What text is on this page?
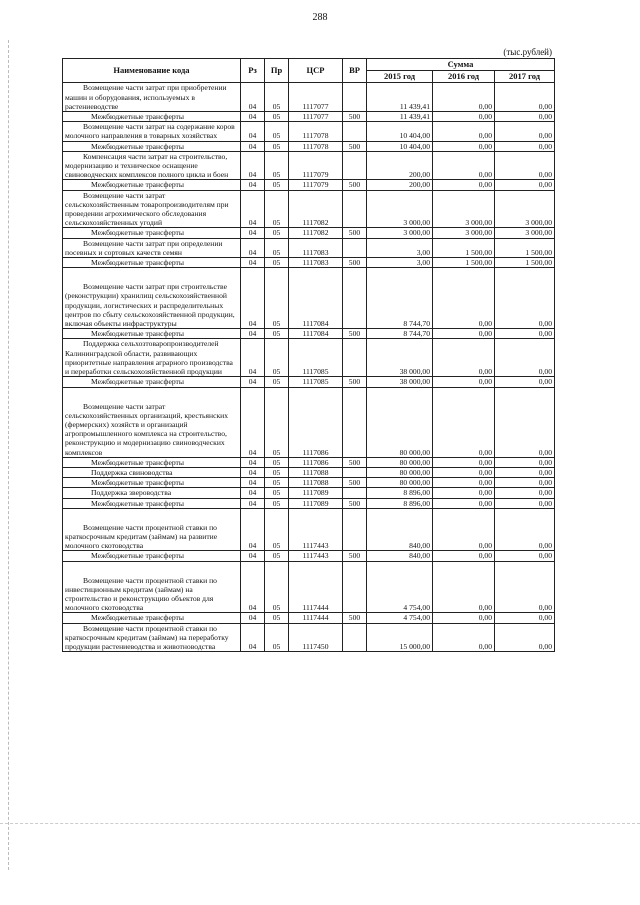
288
(тыс.рублей)
Наименование кода	Рз	Пр	ЦСР	ВР	Сумма		
					2015 год	2016 год	2017 год
Возмещение части затрат при приобретении машин и оборудования, используемых в растениеводстве	04	05	1117077		11 439,41	0,00	0,00
Межбюджетные трансферты	04	05	1117077	500	11 439,41	0,00	0,00
Возмещение части затрат на содержание коров молочного направления в товарных хозяйствах	04	05	1117078		10 404,00	0,00	0,00
Межбюджетные трансферты	04	05	1117078	500	10 404,00	0,00	0,00
Компенсация части затрат на строительство, модернизацию и техническое оснащение свиноводческих комплексов полного цикла и боен	04	05	1117079		200,00	0,00	0,00
Межбюджетные трансферты	04	05	1117079	500	200,00	0,00	0,00
Возмещение части затрат сельскохозяйственным товаропроизводителям при проведении агрохимического обследования сельскохозяйственных угодий	04	05	1117082		3 000,00	3 000,00	3 000,00
Межбюджетные трансферты	04	05	1117082	500	3 000,00	3 000,00	3 000,00
Возмещение части затрат при определении посевных и сортовых качеств семян	04	05	1117083		3,00	1 500,00	1 500,00
Межбюджетные трансферты	04	05	1117083	500	3,00	1 500,00	1 500,00
Возмещение части затрат при строительстве (реконструкции) хранилищ сельскохозяйственной продукции, логистических и распределительных центров по сбыту сельскохозяйственной продукции, включая объекты инфраструктуры	04	05	1117084		8 744,70	0,00	0,00
Межбюджетные трансферты	04	05	1117084	500	8 744,70	0,00	0,00
Поддержка сельхозтоваропроизводителей Калининградской области, развивающих приоритетные направления аграрного производства и переработки сельскохозяйственной продукции	04	05	1117085		38 000,00	0,00	0,00
Межбюджетные трансферты	04	05	1117085	500	38 000,00	0,00	0,00
Возмещение части затрат сельскохозяйственных организаций, крестьянских (фермерских) хозяйств и организаций агропромышленного комплекса на строительство, реконструкцию и модернизацию свиноводческих комплексов	04	05	1117086		80 000,00	0,00	0,00
Межбюджетные трансферты	04	05	1117086	500	80 000,00	0,00	0,00
Поддержка свиноводства	04	05	1117088		80 000,00	0,00	0,00
Межбюджетные трансферты	04	05	1117088	500	80 000,00	0,00	0,00
Поддержка звероводства	04	05	1117089		8 896,00	0,00	0,00
Межбюджетные трансферты	04	05	1117089	500	8 896,00	0,00	0,00
Возмещение части процентной ставки по краткосрочным кредитам (займам) на развитие молочного скотоводства	04	05	1117443		840,00	0,00	0,00
Межбюджетные трансферты	04	05	1117443	500	840,00	0,00	0,00
Возмещение части процентной ставки по инвестиционным кредитам (займам) на строительство и реконструкцию объектов для молочного скотоводства	04	05	1117444		4 754,00	0,00	0,00
Межбюджетные трансферты	04	05	1117444	500	4 754,00	0,00	0,00
Возмещение части процентной ставки по краткосрочным кредитам (займам) на переработку продукции растениеводства и животноводства	04	05	1117450		15 000,00	0,00	0,00
